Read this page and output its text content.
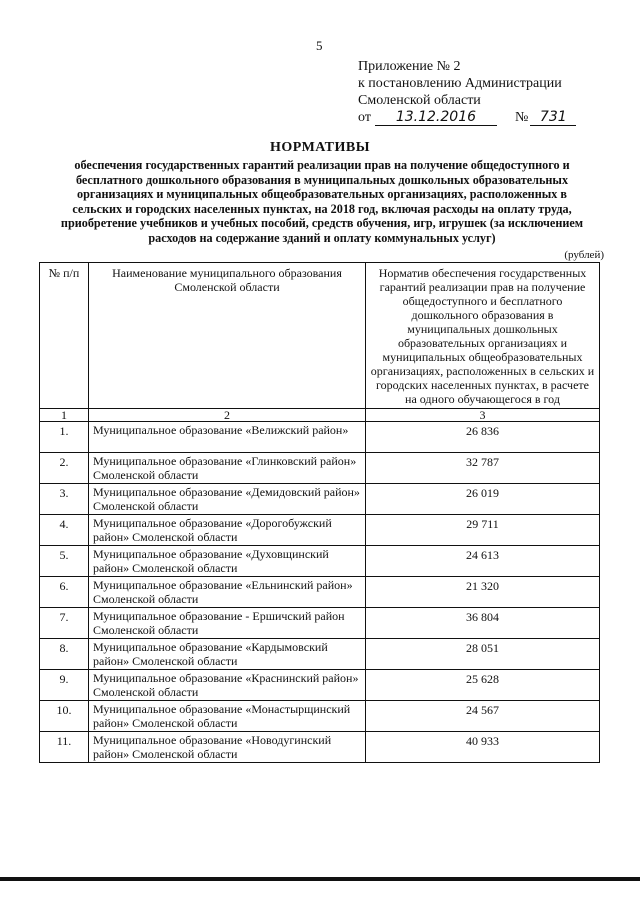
5
Приложение № 2
к постановлению Администрации
Смоленской области
от	13.12.2016	№ 731
НОРМАТИВЫ
обеспечения государственных гарантий реализации прав на получение общедоступного и бесплатного дошкольного образования в муниципальных дошкольных образовательных организациях и муниципальных общеобразовательных организациях, расположенных в сельских и городских населенных пунктах, на 2018 год, включая расходы на оплату труда, приобретение учебников и учебных пособий, средств обучения, игр, игрушек (за исключением расходов на содержание зданий и оплату коммунальных услуг)
(рублей)
№ п/п	Наименование муниципального образования Смоленской области	Норматив обеспечения государственных гарантий реализации прав на получение общедоступного и бесплатного дошкольного образования в муниципальных дошкольных образовательных организациях и муниципальных общеобразовательных организациях, расположенных в сельских и городских населенных пунктах, в расчете на одного обучающегося в год
1	2	3
1.	Муниципальное образование «Велижский район»	26 836
2.	Муниципальное образование «Глинковский район» Смоленской области	32 787
3.	Муниципальное образование «Демидовский район» Смоленской области	26 019
4.	Муниципальное образование «Дорогобужский район» Смоленской области	29 711
5.	Муниципальное образование «Духовщинский район» Смоленской области	24 613
6.	Муниципальное образование «Ельнинский район» Смоленской области	21 320
7.	Муниципальное образование - Ершичский район Смоленской области	36 804
8.	Муниципальное образование «Кардымовский район» Смоленской области	28 051
9.	Муниципальное образование «Краснинский район» Смоленской области	25 628
10.	Муниципальное образование «Монастырщинский район» Смоленской области	24 567
11.	Муниципальное образование «Новодугинский район» Смоленской области	40 933
